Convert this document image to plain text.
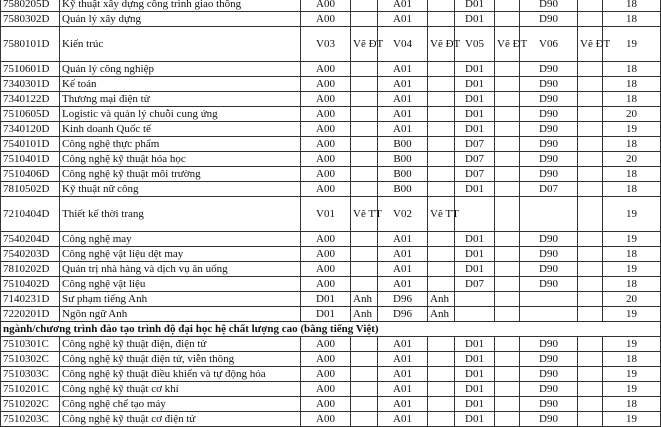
7580205D	Kỹ thuật xây dựng công trình giao thông	A00		A01		D01		D90		18
7580302D	Quản lý xây dựng	A00		A01		D01		D90		18
7580101D	Kiến trúc	V03	Vẽ ĐT	V04	Vẽ ĐT	V05	Vẽ ĐT	V06	Vẽ ĐT	19
7510601D	Quản lý công nghiệp	A00		A01		D01		D90		18
7340301D	Kế toán	A00		A01		D01		D90		18
7340122D	Thương mại điện tử	A00		A01		D01		D90		18
7510605D	Logistic và quản lý chuỗi cung ứng	A00		A01		D01		D90		20
7340120D	Kinh doanh Quốc tế	A00		A01		D01		D90		19
7540101D	Công nghệ thực phẩm	A00		B00		D07		D90		18
7510401D	Công nghệ kỹ thuật hóa học	A00		B00		D07		D90		20
7510406D	Công nghệ kỹ thuật môi trường	A00		B00		D07		D90		18
7810502D	Kỹ thuật nữ công	A00		B00		D01		D07		18
7210404D	Thiết kế thời trang	V01	Vẽ TT	V02	Vẽ TT					19
7540204D	Công nghệ may	A00		A01		D01		D90		19
7540203D	Công nghệ vật liệu dệt may	A00		A01		D01		D90		18
7810202D	Quản trị nhà hàng và dịch vụ ăn uống	A00		A01		D01		D90		19
7510402D	Công nghệ vật liệu	A00		A01		D07		D90		18
7140231D	Sư phạm tiếng Anh	D01	Anh	D96	Anh					20
7220201D	Ngôn ngữ Anh	D01	Anh	D96	Anh					19
ngành/chương trình đào tạo trình độ đại học hệ chất lượng cao (bằng tiếng Việt)										
7510301C	Công nghệ kỹ thuật điện, điện tử	A00		A01		D01		D90		19
7510302C	Công nghệ kỹ thuật điện tử, viễn thông	A00		A01		D01		D90		18
7510303C	Công nghệ kỹ thuật điều khiển và tự động hóa	A00		A01		D01		D90		19
7510201C	Công nghệ kỹ thuật cơ khí	A00		A01		D01		D90		19
7510202C	Công nghệ chế tạo máy	A00		A01		D01		D90		18
7510203C	Công nghệ kỹ thuật cơ điện tử	A00		A01		D01		D90		19
